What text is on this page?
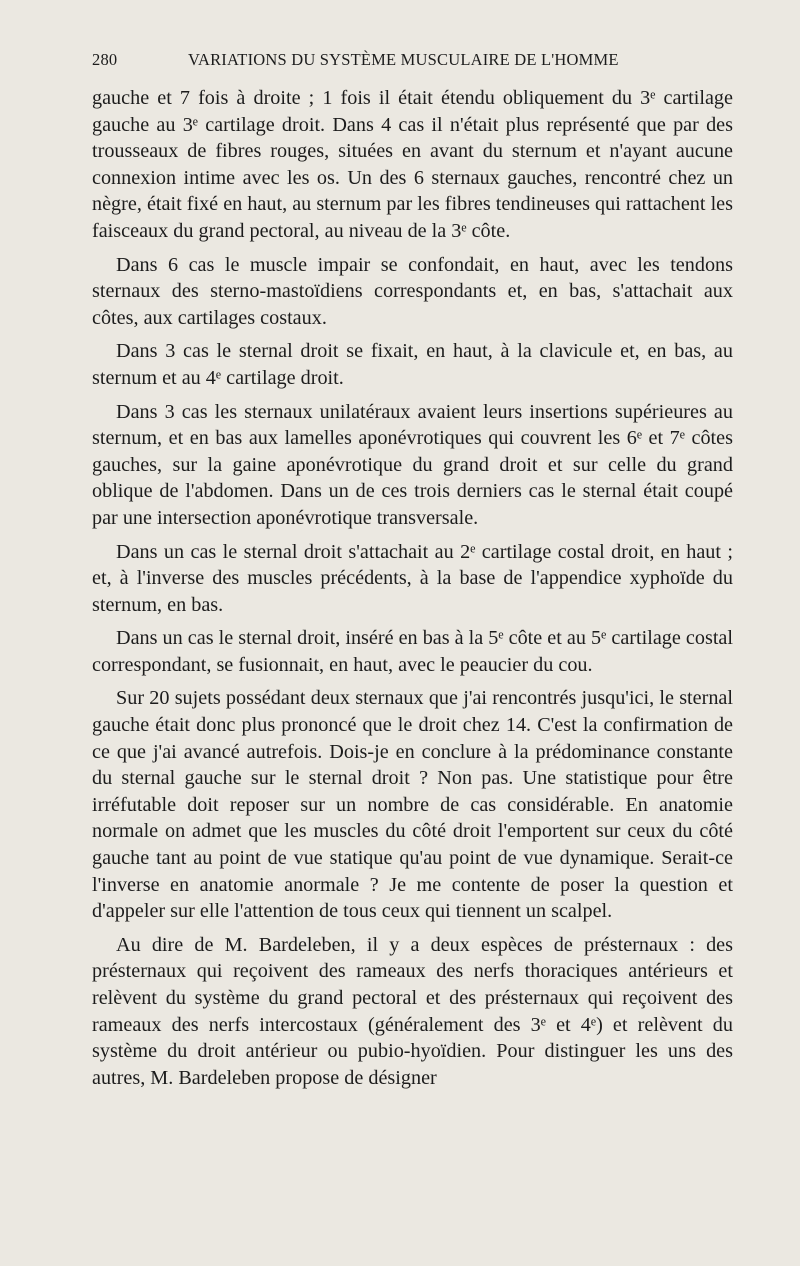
280	VARIATIONS DU SYSTÈME MUSCULAIRE DE L'HOMME

gauche et 7 fois à droite ; 1 fois il était étendu obliquement du 3ᵉ cartilage gauche au 3ᵉ cartilage droit. Dans 4 cas il n'était plus représenté que par des trousseaux de fibres rouges, situées en avant du sternum et n'ayant aucune connexion intime avec les os. Un des 6 sternaux gauches, rencontré chez un nègre, était fixé en haut, au sternum par les fibres tendineuses qui rattachent les faisceaux du grand pectoral, au niveau de la 3ᵉ côte.

Dans 6 cas le muscle impair se confondait, en haut, avec les tendons sternaux des sterno-mastoïdiens correspondants et, en bas, s'attachait aux côtes, aux cartilages costaux.

Dans 3 cas le sternal droit se fixait, en haut, à la clavicule et, en bas, au sternum et au 4ᵉ cartilage droit.

Dans 3 cas les sternaux unilatéraux avaient leurs insertions supérieures au sternum, et en bas aux lamelles aponévrotiques qui couvrent les 6ᵉ et 7ᵉ côtes gauches, sur la gaine aponévrotique du grand droit et sur celle du grand oblique de l'abdomen. Dans un de ces trois derniers cas le sternal était coupé par une intersection aponévrotique transversale.

Dans un cas le sternal droit s'attachait au 2ᵉ cartilage costal droit, en haut ; et, à l'inverse des muscles précédents, à la base de l'appendice xyphoïde du sternum, en bas.

Dans un cas le sternal droit, inséré en bas à la 5ᵉ côte et au 5ᵉ cartilage costal correspondant, se fusionnait, en haut, avec le peaucier du cou.

Sur 20 sujets possédant deux sternaux que j'ai rencontrés jusqu'ici, le sternal gauche était donc plus prononcé que le droit chez 14. C'est la confirmation de ce que j'ai avancé autrefois. Dois-je en conclure à la prédominance constante du sternal gauche sur le sternal droit ? Non pas. Une statistique pour être irréfutable doit reposer sur un nombre de cas considérable. En anatomie normale on admet que les muscles du côté droit l'emportent sur ceux du côté gauche tant au point de vue statique qu'au point de vue dynamique. Serait-ce l'inverse en anatomie anormale ? Je me contente de poser la question et d'appeler sur elle l'attention de tous ceux qui tiennent un scalpel.

Au dire de M. Bardeleben, il y a deux espèces de présternaux : des présternaux qui reçoivent des rameaux des nerfs thoraciques antérieurs et relèvent du système du grand pectoral et des présternaux qui reçoivent des rameaux des nerfs intercostaux (généralement des 3ᵉ et 4ᵉ) et relèvent du système du droit antérieur ou pubio-hyoïdien. Pour distinguer les uns des autres, M. Bardeleben propose de désigner
